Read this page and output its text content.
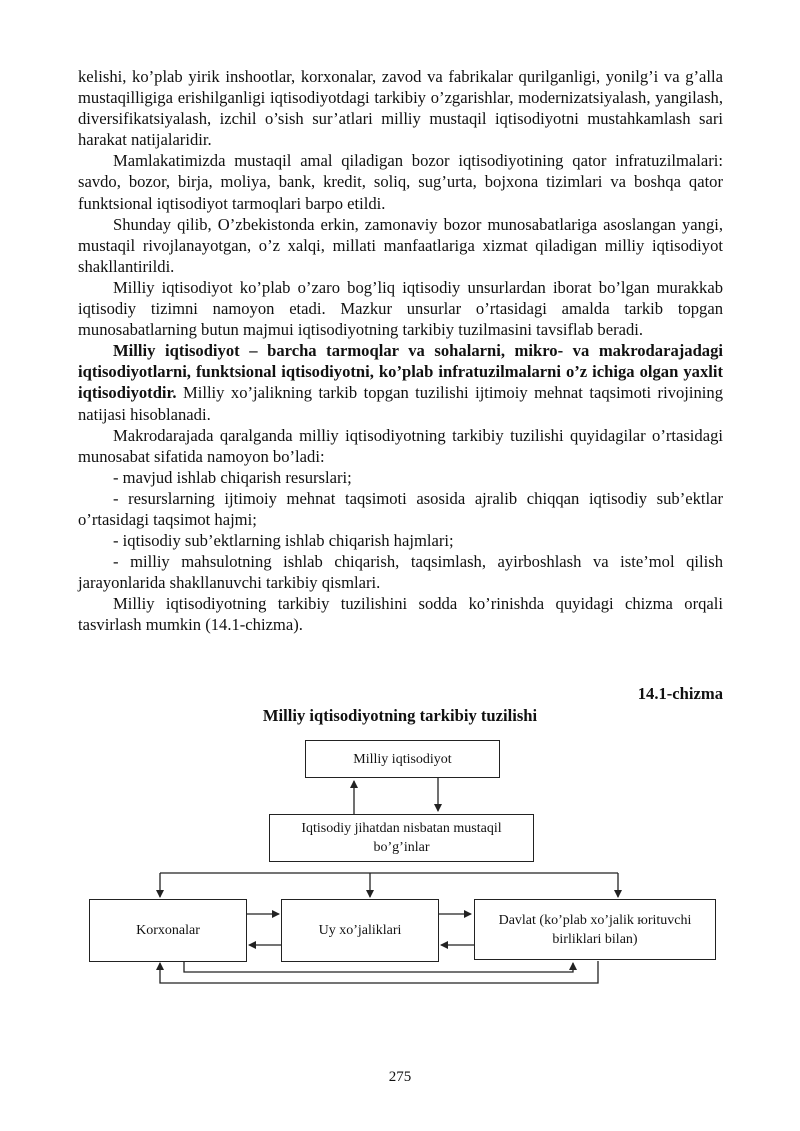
kelishi, ko’plab yirik inshootlar, korxonalar, zavod va fabrikalar qurilganligi, yonilg’i va g’alla mustaqilligiga erishilganligi iqtisodiyotdagi tarkibiy o’zgarishlar, modernizatsiyalash, yangilash, diversifikatsiyalash, izchil o’sish sur’atlari milliy mustaqil iqtisodiyotni mustahkamlash sari harakat natijalaridir.

Mamlakatimizda mustaqil amal qiladigan bozor iqtisodiyotining qator infratuzilmalari: savdo, bozor, birja, moliya, bank, kredit, soliq, sug’urta, bojxona tizimlari va boshqa qator funktsional iqtisodiyot tarmoqlari barpo etildi.

Shunday qilib, O’zbekistonda erkin, zamonaviy bozor munosabatlariga asoslangan yangi, mustaqil rivojlanayotgan, o’z xalqi, millati manfaatlariga xizmat qiladigan milliy iqtisodiyot shakllantirildi.

Milliy iqtisodiyot ko’plab o’zaro bog’liq iqtisodiy unsurlardan iborat bo’lgan murakkab iqtisodiy tizimni namoyon etadi. Mazkur unsurlar o’rtasidagi amalda tarkib topgan munosabatlarning butun majmui iqtisodiyotning tarkibiy tuzilmasini tavsiflab beradi.

Milliy iqtisodiyot – barcha tarmoqlar va sohalarni, mikro- va makrodarajadagi iqtisodiyotlarni, funktsional iqtisodiyotni, ko’plab infratuzilmalarni o’z ichiga olgan yaxlit iqtisodiyotdir. Milliy xo’jalikning tarkib topgan tuzilishi ijtimoiy mehnat taqsimoti rivojining natijasi hisoblanadi.

Makrodarajada qaralganda milliy iqtisodiyotning tarkibiy tuzilishi quyidagilar o’rtasidagi munosabat sifatida namoyon bo’ladi:

- mavjud ishlab chiqarish resurslari;

- resurslarning ijtimoiy mehnat taqsimoti asosida ajralib chiqqan iqtisodiy sub’ektlar o’rtasidagi taqsimot hajmi;

- iqtisodiy sub’ektlarning ishlab chiqarish hajmlari;

- milliy mahsulotning ishlab chiqarish, taqsimlash, ayirboshlash va iste’mol qilish jarayonlarida shakllanuvchi tarkibiy qismlari.

Milliy iqtisodiyotning tarkibiy tuzilishini sodda ko’rinishda quyidagi chizma orqali tasvirlash mumkin (14.1-chizma).

14.1-chizma
Milliy iqtisodiyotning tarkibiy tuzilishi
Milliy iqtisodiyot
Iqtisodiy jihatdan nisbatan mustaqil bo’g’inlar
Korxonalar	Uy xo’jaliklari
Davlat (ko’plab xo’jalik юrituvchi birliklari bilan)
275
